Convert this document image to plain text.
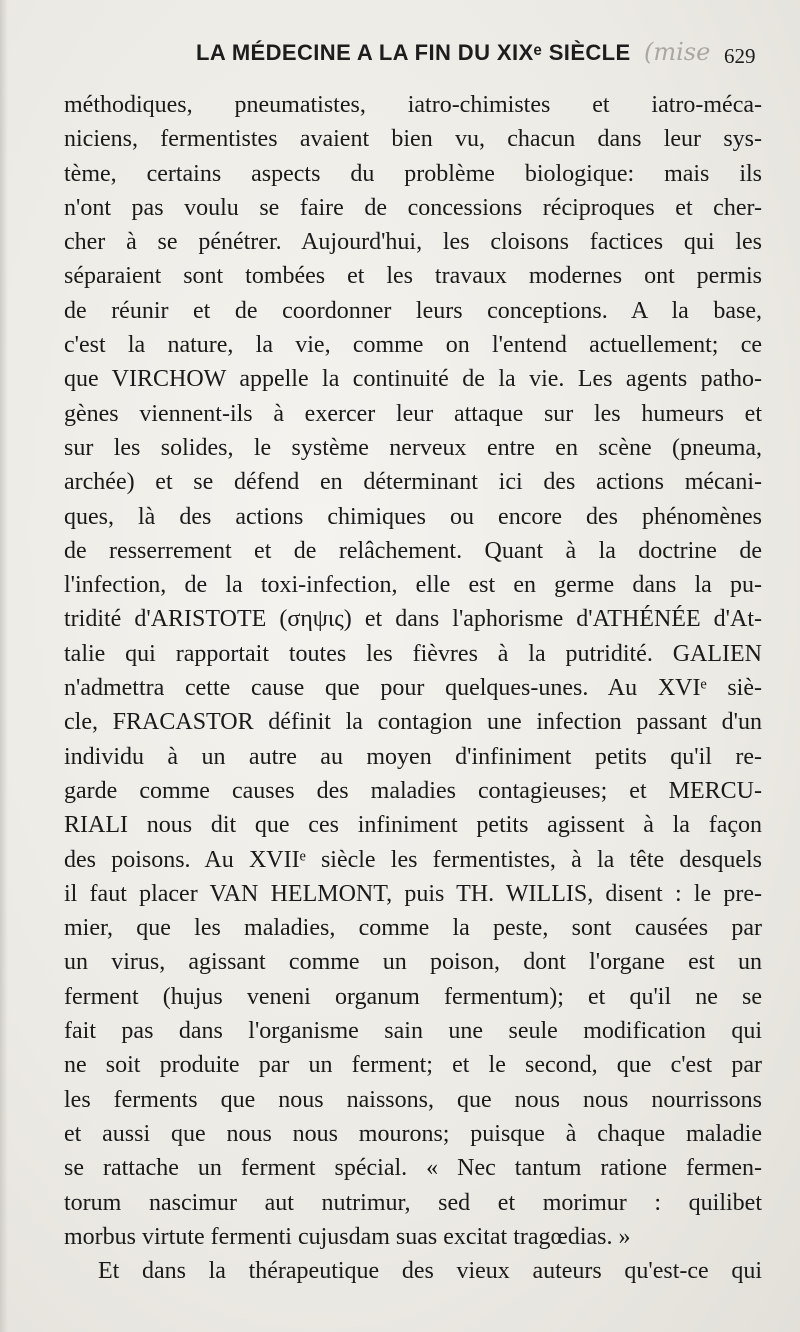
LA MÉDECINE A LA FIN DU XIXᵉ SIÈCLE (mise 629
méthodiques, pneumatistes, iatro-chimistes et iatro-méca-
niciens, fermentistes avaient bien vu, chacun dans leur sys-
tème, certains aspects du problème biologique: mais ils
n'ont pas voulu se faire de concessions réciproques et cher-
cher à se pénétrer. Aujourd'hui, les cloisons factices qui les
séparaient sont tombées et les travaux modernes ont permis
de réunir et de coordonner leurs conceptions. A la base,
c'est la nature, la vie, comme on l'entend actuellement; ce
que VIRCHOW appelle la continuité de la vie. Les agents patho-
gènes viennent-ils à exercer leur attaque sur les humeurs et
sur les solides, le système nerveux entre en scène (pneuma,
archée) et se défend en déterminant ici des actions mécani-
ques, là des actions chimiques ou encore des phénomènes
de resserrement et de relâchement. Quant à la doctrine de
l'infection, de la toxi-infection, elle est en germe dans la pu-
tridité d'ARISTOTE (σηψις) et dans l'aphorisme d'ATHÉNÉE d'At-
talie qui rapportait toutes les fièvres à la putridité. GALIEN
n'admettra cette cause que pour quelques-unes. Au XVIᵉ siè-
cle, FRACASTOR définit la contagion une infection passant d'un
individu à un autre au moyen d'infiniment petits qu'il re-
garde comme causes des maladies contagieuses; et MERCU-
RIALI nous dit que ces infiniment petits agissent à la façon
des poisons. Au XVIIᵉ siècle les fermentistes, à la tête desquels
il faut placer VAN HELMONT, puis TH. WILLIS, disent : le pre-
mier, que les maladies, comme la peste, sont causées par
un virus, agissant comme un poison, dont l'organe est un
ferment (hujus veneni organum fermentum); et qu'il ne se
fait pas dans l'organisme sain une seule modification qui
ne soit produite par un ferment; et le second, que c'est par
les ferments que nous naissons, que nous nous nourrissons
et aussi que nous nous mourons; puisque à chaque maladie
se rattache un ferment spécial. « Nec tantum ratione fermen-
torum nascimur aut nutrimur, sed et morimur : quilibet
morbus virtute fermenti cujusdam suas excitat tragœdias. »
Et dans la thérapeutique des vieux auteurs qu'est-ce qui
